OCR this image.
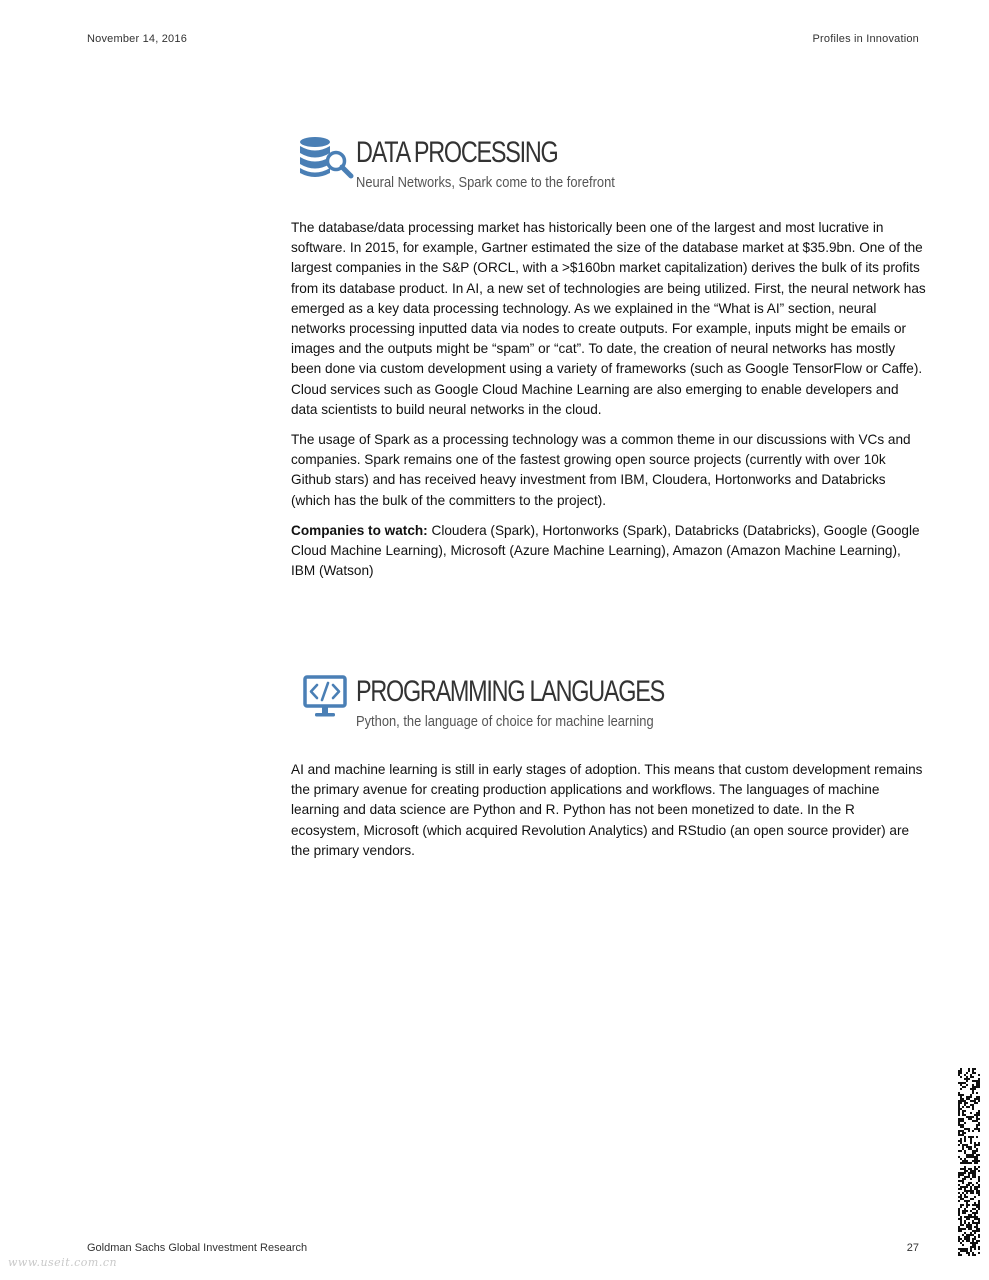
November 14, 2016	Profiles in Innovation
DATA PROCESSING
Neural Networks, Spark come to the forefront

The database/data processing market has historically been one of the largest and most lucrative in software. In 2015, for example, Gartner estimated the size of the database market at $35.9bn. One of the largest companies in the S&P (ORCL, with a >$160bn market capitalization) derives the bulk of its profits from its database product. In AI, a new set of technologies are being utilized. First, the neural network has emerged as a key data processing technology. As we explained in the “What is AI” section, neural networks processing inputted data via nodes to create outputs. For example, inputs might be emails or images and the outputs might be “spam” or “cat”. To date, the creation of neural networks has mostly been done via custom development using a variety of frameworks (such as Google TensorFlow or Caffe). Cloud services such as Google Cloud Machine Learning are also emerging to enable developers and data scientists to build neural networks in the cloud.

The usage of Spark as a processing technology was a common theme in our discussions with VCs and companies. Spark remains one of the fastest growing open source projects (currently with over 10k Github stars) and has received heavy investment from IBM, Cloudera, Hortonworks and Databricks (which has the bulk of the committers to the project).

Companies to watch: Cloudera (Spark), Hortonworks (Spark), Databricks (Databricks), Google (Google Cloud Machine Learning), Microsoft (Azure Machine Learning), Amazon (Amazon Machine Learning), IBM (Watson)

PROGRAMMING LANGUAGES
Python, the language of choice for machine learning

AI and machine learning is still in early stages of adoption. This means that custom development remains the primary avenue for creating production applications and workflows. The languages of machine learning and data science are Python and R. Python has not been monetized to date. In the R ecosystem, Microsoft (which acquired Revolution Analytics) and RStudio (an open source provider) are the primary vendors.

Goldman Sachs Global Investment Research	27
www.useit.com.cn
